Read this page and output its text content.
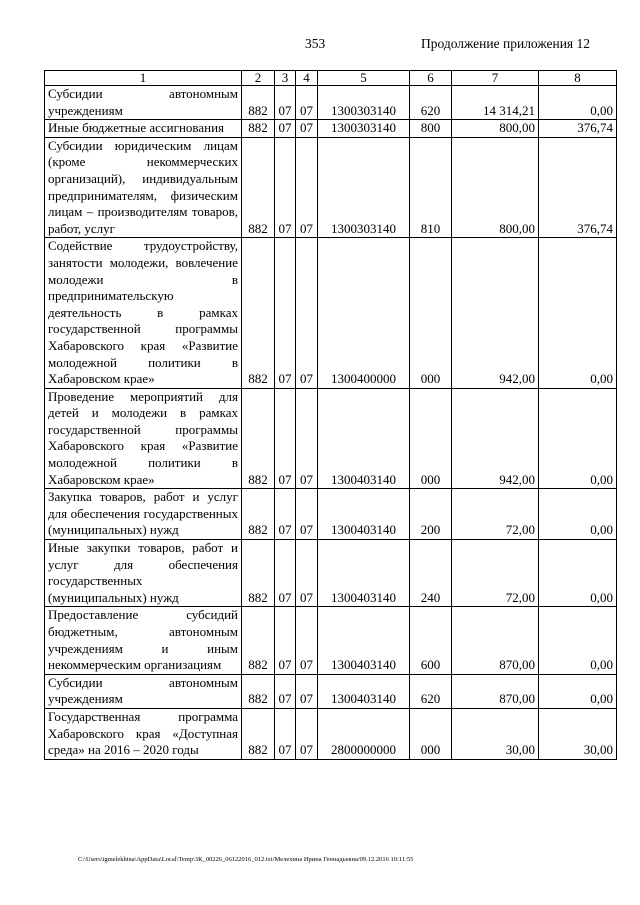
353	Продолжение приложения 12
1	2	3	4	5	6	7	8
Субсидии автономным учреждениям	882	07	07	1300303140	620	14 314,21	0,00
Иные бюджетные ассигнования	882	07	07	1300303140	800	800,00	376,74
Субсидии юридическим лицам (кроме некоммерческих организаций), индивидуальным предпринимателям, физическим лицам – производителям товаров, работ, услуг	882	07	07	1300303140	810	800,00	376,74
Содействие трудоустройству, занятости молодежи, вовлечение молодежи в предпринимательскую деятельность в рамках государственной программы Хабаровского края «Развитие молодежной политики в Хабаровском крае»	882	07	07	1300400000	000	942,00	0,00
Проведение мероприятий для детей и молодежи в рамках государственной программы Хабаровского края «Развитие молодежной политики в Хабаровском крае»	882	07	07	1300403140	000	942,00	0,00
Закупка товаров, работ и услуг для обеспечения государственных (муниципальных) нужд	882	07	07	1300403140	200	72,00	0,00
Иные закупки товаров, работ и услуг для обеспечения государственных (муниципальных) нужд	882	07	07	1300403140	240	72,00	0,00
Предоставление субсидий бюджетным, автономным учреждениям и иным некоммерческим организациям	882	07	07	1300403140	600	870,00	0,00
Субсидии автономным учреждениям	882	07	07	1300403140	620	870,00	0,00
Государственная программа Хабаровского края «Доступная среда» на 2016 – 2020 годы	882	07	07	2800000000	000	30,00	30,00
C:\Users\igmelekhina\AppData\Local\Temp\3К_00226_06122016_012.txt/Мелехина Ирина Геннадьевна/09.12.2016 10:11:55
